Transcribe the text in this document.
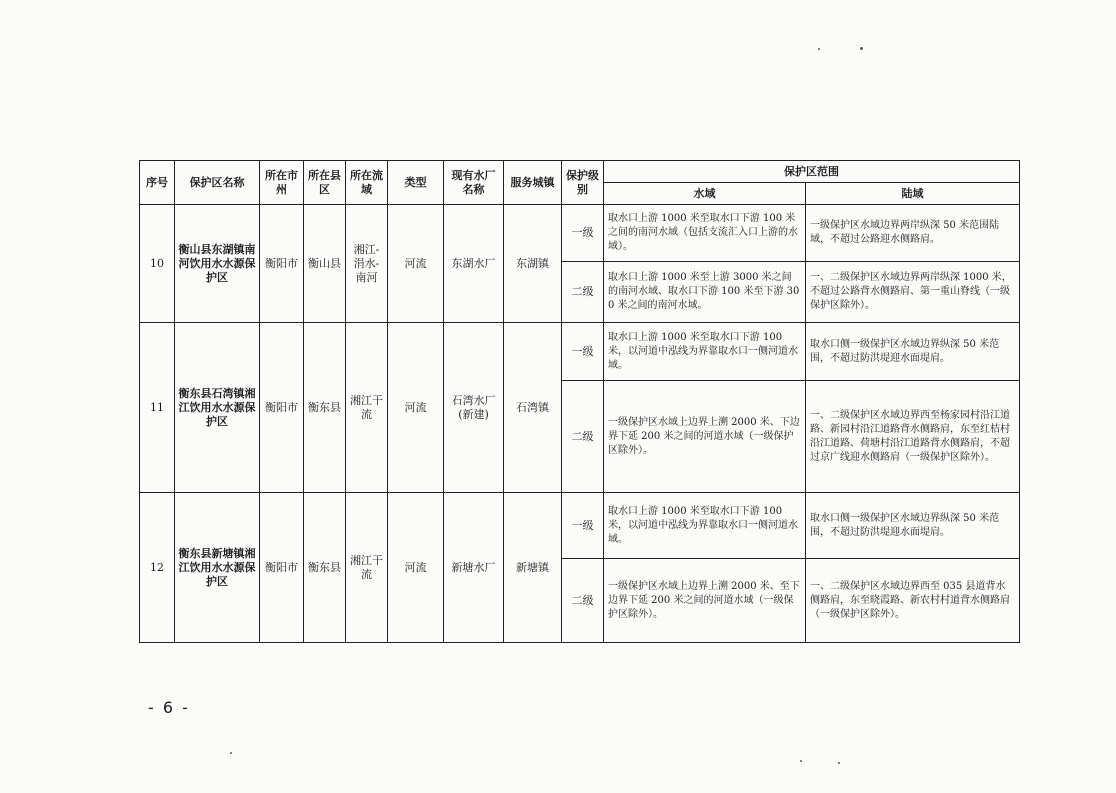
序号	保护区名称	所在市州	所在县区	所在流域	类型	现有水厂名称	服务城镇	保护级别	保护区范围	
									水域	陆域
10	衡山县东湖镇南河饮用水水源保护区	衡阳市	衡山县	湘江-涓水-南河	河流	东湖水厂	东湖镇	一级	取水口上游 1000 米至取水口下游 100 米之间的南河水域（包括支流汇入口上游的水域）。	一级保护区水域边界两岸纵深 50 米范围陆域，不超过公路迎水侧路肩。
								二级	取水口上游 1000 米至上游 3000 米之间的南河水域、取水口下游 100 米至下游 300 米之间的南河水域。	一、二级保护区水域边界两岸纵深 1000 米，不超过公路背水侧路肩、第一重山脊线（一级保护区除外）。
11	衡东县石湾镇湘江饮用水水源保护区	衡阳市	衡东县	湘江干流	河流	石湾水厂(新建)	石湾镇	一级	取水口上游 1000 米至取水口下游 100 米，以河道中泓线为界靠取水口一侧河道水域。	取水口侧一级保护区水域边界纵深 50 米范围，不超过防洪堤迎水面堤肩。
								二级	一级保护区水域上边界上溯 2000 米、下边界下延 200 米之间的河道水域（一级保护区除外）。	一、二级保护区水域边界西至杨家园村沿江道路、新园村沿江道路背水侧路肩，东至红桔村沿江道路、荷塘村沿江道路背水侧路肩，不超过京广线迎水侧路肩（一级保护区除外）。
12	衡东县新塘镇湘江饮用水水源保护区	衡阳市	衡东县	湘江干流	河流	新塘水厂	新塘镇	一级	取水口上游 1000 米至取水口下游 100 米，以河道中泓线为界靠取水口一侧河道水域。	取水口侧一级保护区水域边界纵深 50 米范围，不超过防洪堤迎水面堤肩。
								二级	一级保护区水域上边界上溯 2000 米、至下边界下延 200 米之间的河道水域（一级保护区除外）。	一、二级保护区水域边界西至 035 县道背水侧路肩，东至晓霞路、新农村村道背水侧路肩（一级保护区除外）。
- 6 -
